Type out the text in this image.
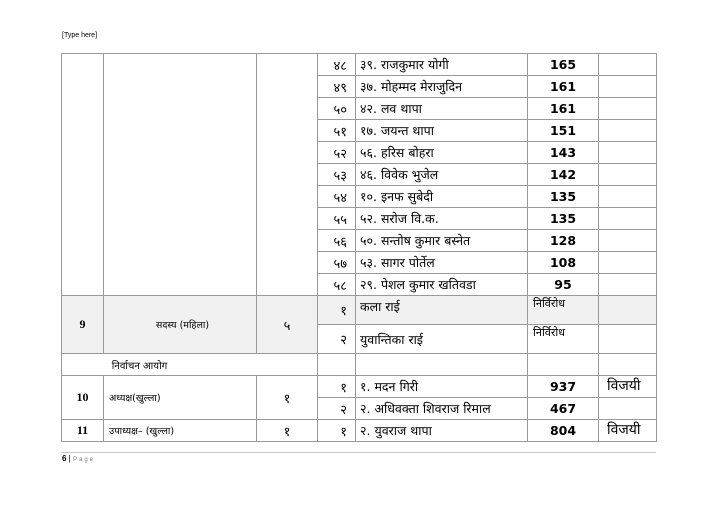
[Type here]
			४८	३९. राजकुमार योगी	165	
			४९	३७. मोहम्मद मेराजुदिन	161	
			५०	४२. लव थापा	161	
			५१	१७. जयन्त थापा	151	
			५२	५६. हरिस बोहरा	143	
			५३	४६. विवेक भुजेल	142	
			५४	१०. इनफ सुबेदी	135	
			५५	५२. सरोज वि.क.	135	
			५६	५०. सन्तोष कुमार बस्नेत	128	
			५७	५३. सागर पोर्तेल	108	
			५८	२९. पेशल कुमार खतिवडा	95	
9	सदस्य (महिला)	५	१	कला राई	निर्विरोध	
			२	युवान्तिका राई	निर्विरोध	
निर्वाचन आयोग						
10	अध्यक्ष(खुल्ला)	१	१	१. मदन गिरी	937	विजयी
			२	२. अधिवक्ता शिवराज रिमाल	467	
11	उपाध्यक्ष– (खुल्ला)	१	१	२. युवराज थापा	804	विजयी
6 | Page
